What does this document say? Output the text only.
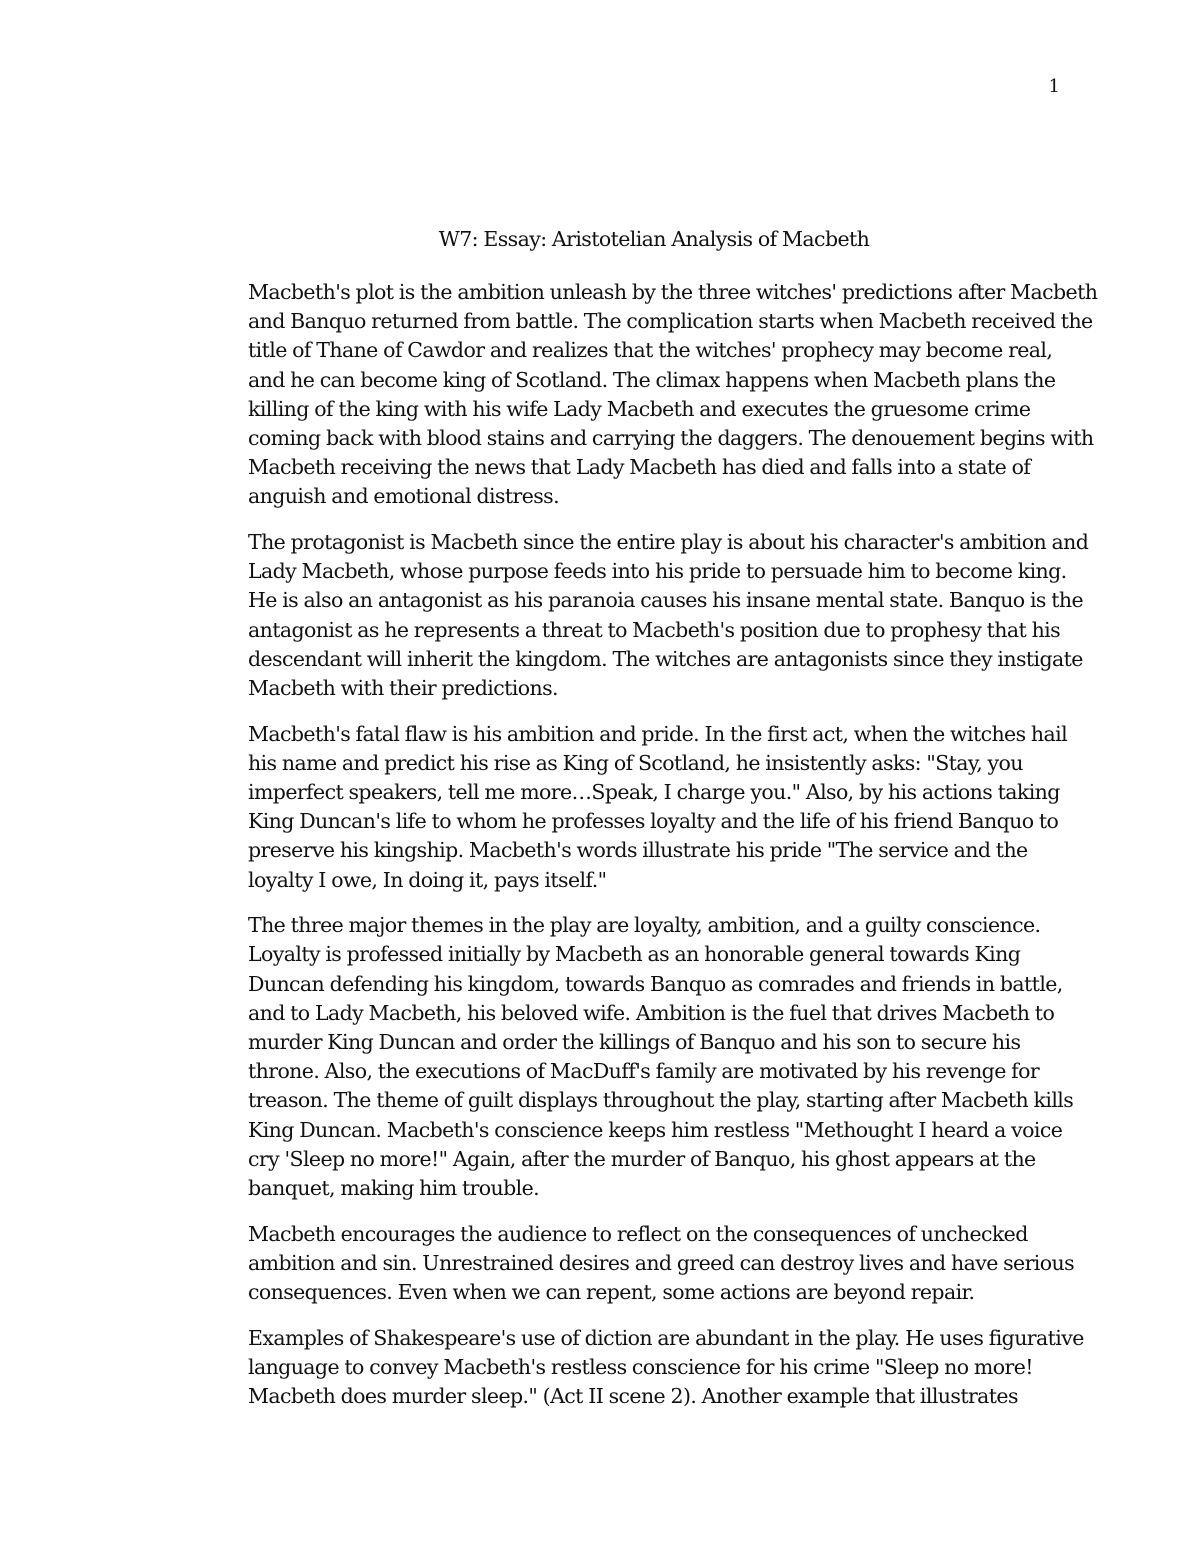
1
W7: Essay: Aristotelian Analysis of Macbeth
Macbeth's plot is the ambition unleash by the three witches' predictions after Macbeth
and Banquo returned from battle. The complication starts when Macbeth received the
title of Thane of Cawdor and realizes that the witches' prophecy may become real,
and he can become king of Scotland. The climax happens when Macbeth plans the
killing of the king with his wife Lady Macbeth and executes the gruesome crime
coming back with blood stains and carrying the daggers. The denouement begins with
Macbeth receiving the news that Lady Macbeth has died and falls into a state of
anguish and emotional distress.
The protagonist is Macbeth since the entire play is about his character's ambition and
Lady Macbeth, whose purpose feeds into his pride to persuade him to become king.
He is also an antagonist as his paranoia causes his insane mental state. Banquo is the
antagonist as he represents a threat to Macbeth's position due to prophesy that his
descendant will inherit the kingdom. The witches are antagonists since they instigate
Macbeth with their predictions.
Macbeth's fatal flaw is his ambition and pride. In the first act, when the witches hail
his name and predict his rise as King of Scotland, he insistently asks: "Stay, you
imperfect speakers, tell me more…Speak, I charge you." Also, by his actions taking
King Duncan's life to whom he professes loyalty and the life of his friend Banquo to
preserve his kingship. Macbeth's words illustrate his pride "The service and the
loyalty I owe, In doing it, pays itself."
The three major themes in the play are loyalty, ambition, and a guilty conscience.
Loyalty is professed initially by Macbeth as an honorable general towards King
Duncan defending his kingdom, towards Banquo as comrades and friends in battle,
and to Lady Macbeth, his beloved wife. Ambition is the fuel that drives Macbeth to
murder King Duncan and order the killings of Banquo and his son to secure his
throne. Also, the executions of MacDuff's family are motivated by his revenge for
treason. The theme of guilt displays throughout the play, starting after Macbeth kills
King Duncan. Macbeth's conscience keeps him restless "Methought I heard a voice
cry 'Sleep no more!" Again, after the murder of Banquo, his ghost appears at the
banquet, making him trouble.
Macbeth encourages the audience to reflect on the consequences of unchecked
ambition and sin. Unrestrained desires and greed can destroy lives and have serious
consequences. Even when we can repent, some actions are beyond repair.
Examples of Shakespeare's use of diction are abundant in the play. He uses figurative
language to convey Macbeth's restless conscience for his crime "Sleep no more!
Macbeth does murder sleep." (Act II scene 2). Another example that illustrates
